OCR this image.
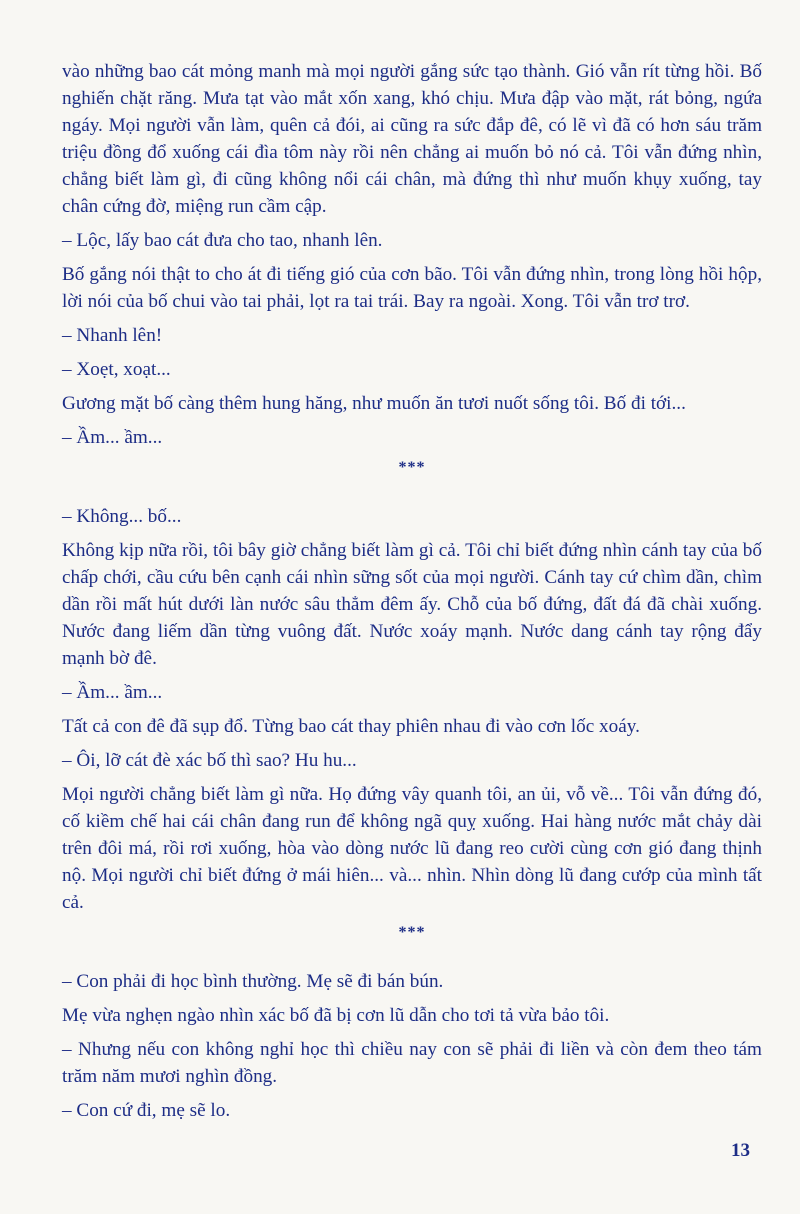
vào những bao cát mỏng manh mà mọi người gắng sức tạo thành. Gió vẫn rít từng hồi. Bố nghiến chặt răng. Mưa tạt vào mắt xốn xang, khó chịu. Mưa đập vào mặt, rát bỏng, ngứa ngáy. Mọi người vẫn làm, quên cả đói, ai cũng ra sức đắp đê, có lẽ vì đã có hơn sáu trăm triệu đồng đổ xuống cái đìa tôm này rồi nên chẳng ai muốn bỏ nó cả. Tôi vẫn đứng nhìn, chẳng biết làm gì, đi cũng không nổi cái chân, mà đứng thì như muốn khụy xuống, tay chân cứng đờ, miệng run cầm cập.

– Lộc, lấy bao cát đưa cho tao, nhanh lên.

Bố gắng nói thật to cho át đi tiếng gió của cơn bão. Tôi vẫn đứng nhìn, trong lòng hồi hộp, lời nói của bố chui vào tai phải, lọt ra tai trái. Bay ra ngoài. Xong. Tôi vẫn trơ trơ.

– Nhanh lên!

– Xoẹt, xoạt...

Gương mặt bố càng thêm hung hăng, như muốn ăn tươi nuốt sống tôi. Bố đi tới...

– Ầm... ầm...

***

– Không... bố...

Không kịp nữa rồi, tôi bây giờ chẳng biết làm gì cả. Tôi chỉ biết đứng nhìn cánh tay của bố chấp chới, cầu cứu bên cạnh cái nhìn sững sốt của mọi người. Cánh tay cứ chìm dần, chìm dần rồi mất hút dưới làn nước sâu thẳm đêm ấy. Chỗ của bố đứng, đất đá đã chài xuống. Nước đang liếm dần từng vuông đất. Nước xoáy mạnh. Nước dang cánh tay rộng đẩy mạnh bờ đê.

– Ầm... ầm...

Tất cả con đê đã sụp đổ. Từng bao cát thay phiên nhau đi vào cơn lốc xoáy.

– Ôi, lỡ cát đè xác bố thì sao? Hu hu...

Mọi người chẳng biết làm gì nữa. Họ đứng vây quanh tôi, an ủi, vỗ về... Tôi vẫn đứng đó, cố kiềm chế hai cái chân đang run để không ngã quỵ xuống. Hai hàng nước mắt chảy dài trên đôi má, rồi rơi xuống, hòa vào dòng nước lũ đang reo cười cùng cơn gió đang thịnh nộ. Mọi người chỉ biết đứng ở mái hiên... và... nhìn. Nhìn dòng lũ đang cướp của mình tất cả.

***

– Con phải đi học bình thường. Mẹ sẽ đi bán bún.

Mẹ vừa nghẹn ngào nhìn xác bố đã bị cơn lũ dẫn cho tơi tả vừa bảo tôi.

– Nhưng nếu con không nghỉ học thì chiều nay con sẽ phải đi liền và còn đem theo tám trăm năm mươi nghìn đồng.

– Con cứ đi, mẹ sẽ lo.

13
